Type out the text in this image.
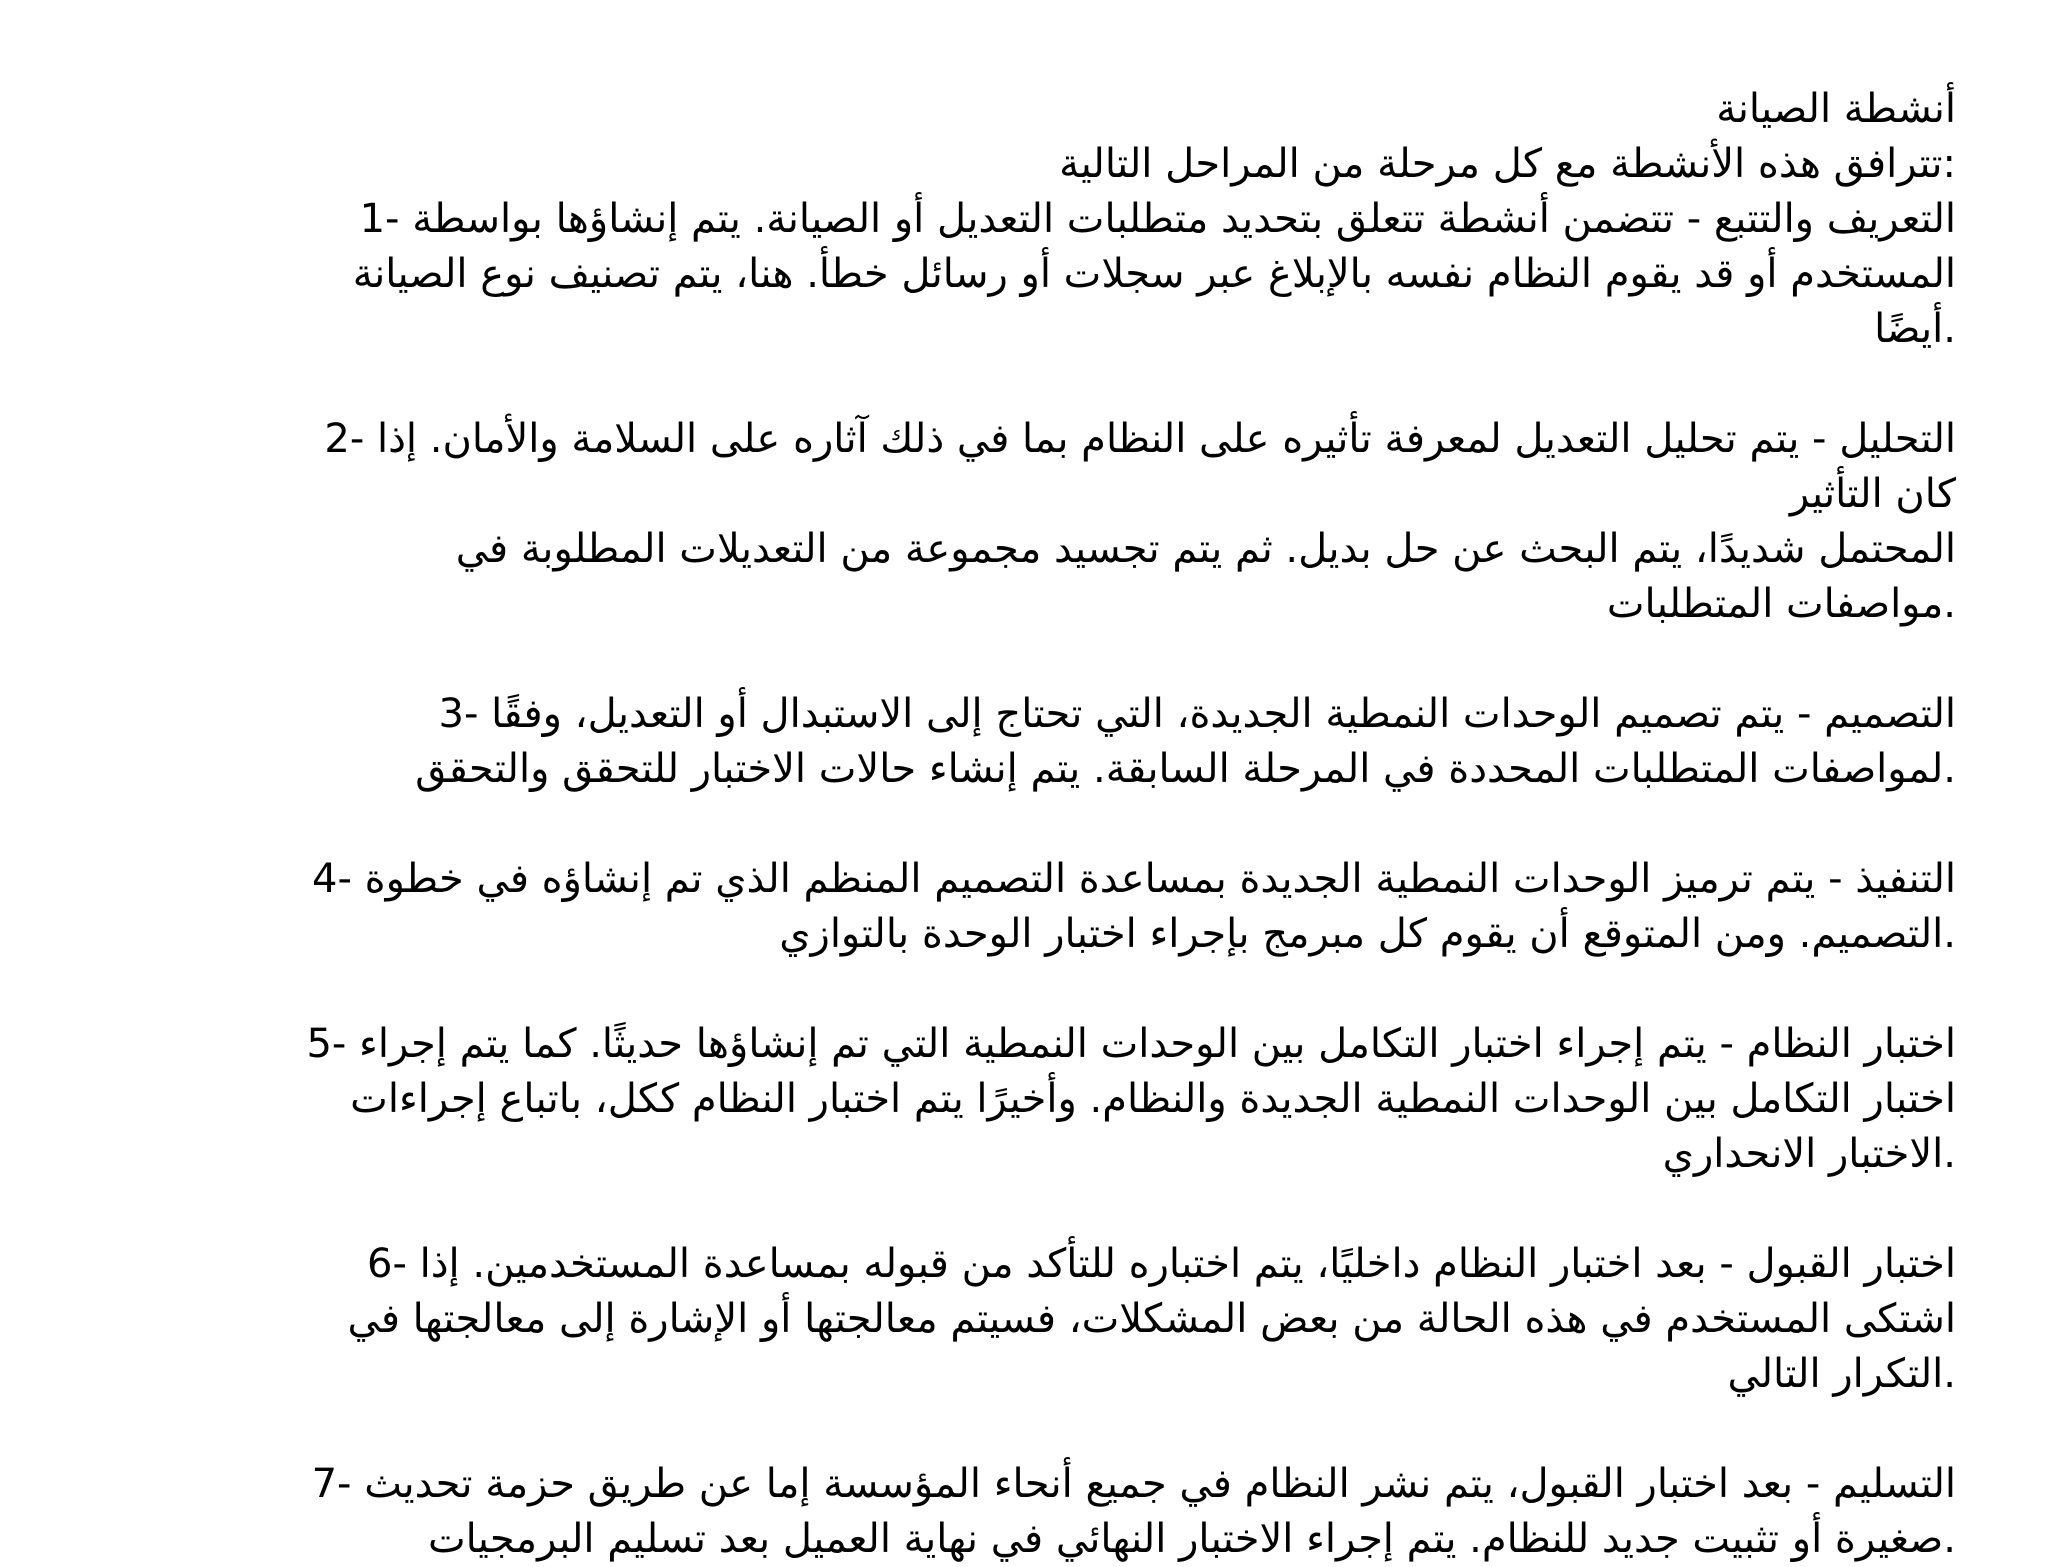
أنشطة الصيانة
تترافق هذه الأنشطة مع كل مرحلة من المراحل التالية:
1- التعريف والتتبع - تتضمن أنشطة تتعلق بتحديد متطلبات التعديل أو الصيانة. يتم إنشاؤها بواسطة
المستخدم أو قد يقوم النظام نفسه بالإبلاغ عبر سجلات أو رسائل خطأ. هنا، يتم تصنيف نوع الصيانة
أيضًا.
2- التحليل - يتم تحليل التعديل لمعرفة تأثيره على النظام بما في ذلك آثاره على السلامة والأمان. إذا
كان التأثير
المحتمل شديدًا، يتم البحث عن حل بديل. ثم يتم تجسيد مجموعة من التعديلات المطلوبة في
مواصفات المتطلبات.
3- التصميم - يتم تصميم الوحدات النمطية الجديدة، التي تحتاج إلى الاستبدال أو التعديل، وفقًا
لمواصفات المتطلبات المحددة في المرحلة السابقة. يتم إنشاء حالات الاختبار للتحقق والتحقق.
4- التنفيذ - يتم ترميز الوحدات النمطية الجديدة بمساعدة التصميم المنظم الذي تم إنشاؤه في خطوة
التصميم. ومن المتوقع أن يقوم كل مبرمج بإجراء اختبار الوحدة بالتوازي.
5- اختبار النظام - يتم إجراء اختبار التكامل بين الوحدات النمطية التي تم إنشاؤها حديثًا. كما يتم إجراء
اختبار التكامل بين الوحدات النمطية الجديدة والنظام. وأخيرًا يتم اختبار النظام ككل، باتباع إجراءات
الاختبار الانحداري.
6- اختبار القبول - بعد اختبار النظام داخليًا، يتم اختباره للتأكد من قبوله بمساعدة المستخدمين. إذا
اشتكى المستخدم في هذه الحالة من بعض المشكلات، فسيتم معالجتها أو الإشارة إلى معالجتها في
التكرار التالي.
7- التسليم - بعد اختبار القبول، يتم نشر النظام في جميع أنحاء المؤسسة إما عن طريق حزمة تحديث
صغيرة أو تثبيت جديد للنظام. يتم إجراء الاختبار النهائي في نهاية العميل بعد تسليم البرمجيات.
